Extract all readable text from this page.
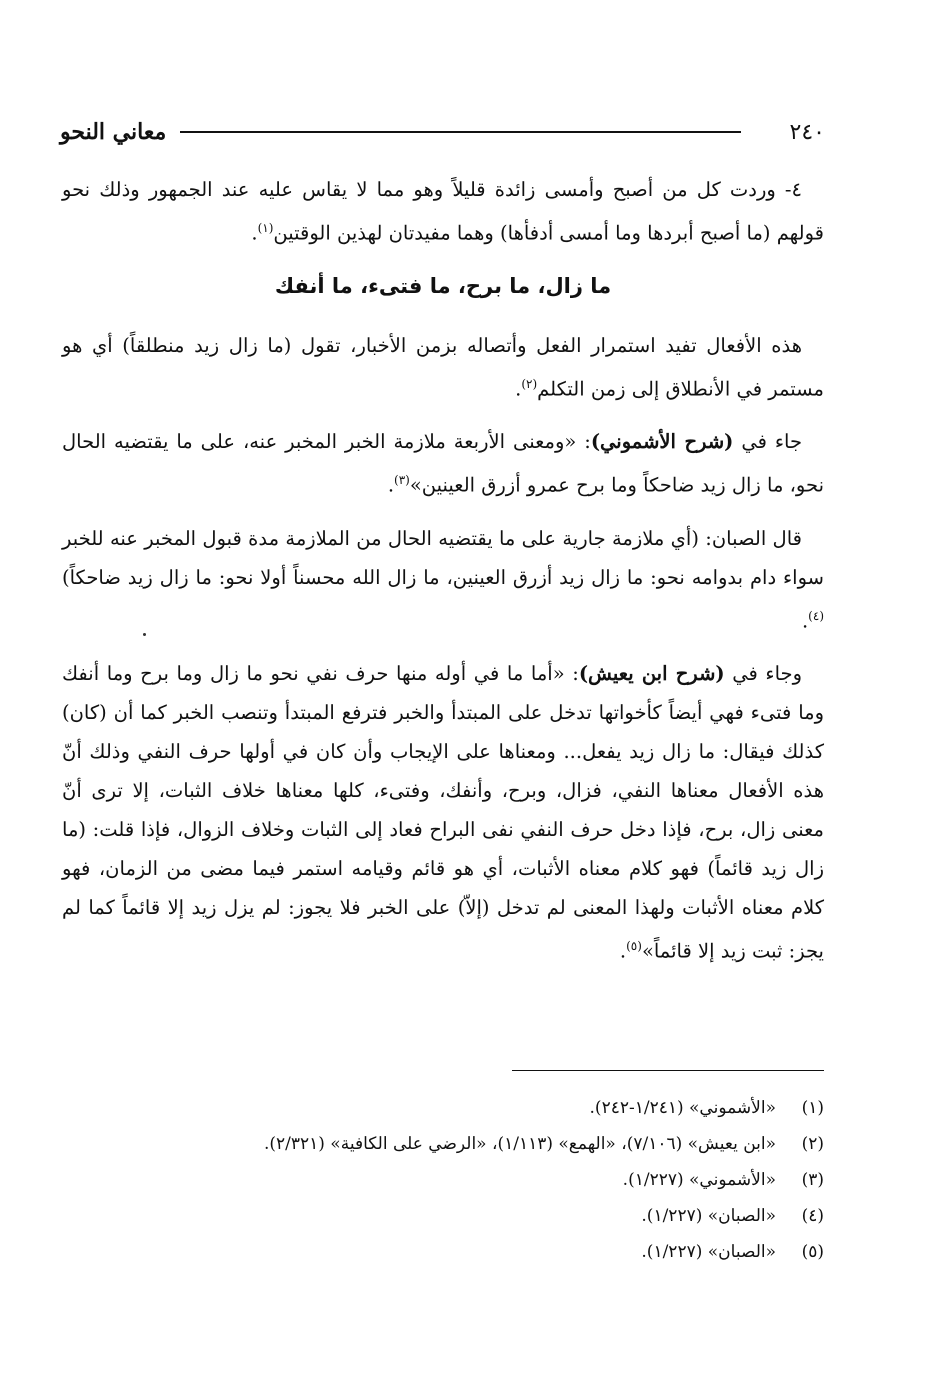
٢٤٠
معاني النحو

٤- وردت كل من أصبح وأمسى زائدة قليلاً وهو مما لا يقاس عليه عند الجمهور وذلك نحو قولهم (ما أصبح أبردها وما أمسى أدفأها) وهما مفيدتان لهذين الوقتين$^{(١)}$.

ما زال، ما برح، ما فتىء، ما أنفك

هذه الأفعال تفيد استمرار الفعل وأتصاله بزمن الأخبار، تقول (ما زال زيد منطلقاً) أي هو مستمر في الأنطلاق إلى زمن التكلم$^{(٢)}$.

جاء في (شرح الأشموني): «ومعنى الأربعة ملازمة الخبر المخبر عنه، على ما يقتضيه الحال نحو، ما زال زيد ضاحكاً وما برح عمرو أزرق العينين»$^{(٣)}$.

قال الصبان: (أي ملازمة جارية على ما يقتضيه الحال من الملازمة مدة قبول المخبر عنه للخبر سواء دام بدوامه نحو: ما زال زيد أزرق العينين، ما زال الله محسناً أولا نحو: ما زال زيد ضاحكاً)$^{(٤)}$.

وجاء في (شرح ابن يعيش): «أما ما في أوله منها حرف نفي نحو ما زال وما برح وما أنفك وما فتىء فهي أيضاً كأخواتها تدخل على المبتدأ والخبر فترفع المبتدأ وتنصب الخبر كما أن (كان) كذلك فيقال: ما زال زيد يفعل... ومعناها على الإيجاب وأن كان في أولها حرف النفي وذلك أنّ هذه الأفعال معناها النفي، فزال، وبرح، وأنفك، وفتىء، كلها معناها خلاف الثبات، إلا ترى أنّ معنى زال، برح، فإذا دخل حرف النفي نفى البراح فعاد إلى الثبات وخلاف الزوال، فإذا قلت: (ما زال زيد قائماً) فهو كلام معناه الأثبات، أي هو قائم وقيامه استمر فيما مضى من الزمان، فهو كلام معناه الأثبات ولهذا المعنى لم تدخل (إلاّ) على الخبر فلا يجوز: لم يزل زيد إلا قائماً كما لم يجز: ثبت زيد إلا قائماً»$^{(٥)}$.

(١)
«الأشموني» (١/٢٤١-٢٤٢).
(٢)
«ابن يعيش» (٧/١٠٦)، «الهمع» (١/١١٣)، «الرضي على الكافية» (٢/٣٢١).
(٣)
«الأشموني» (١/٢٢٧).
(٤)
«الصبان» (١/٢٢٧).
(٥)
«الصبان» (١/٢٢٧).
